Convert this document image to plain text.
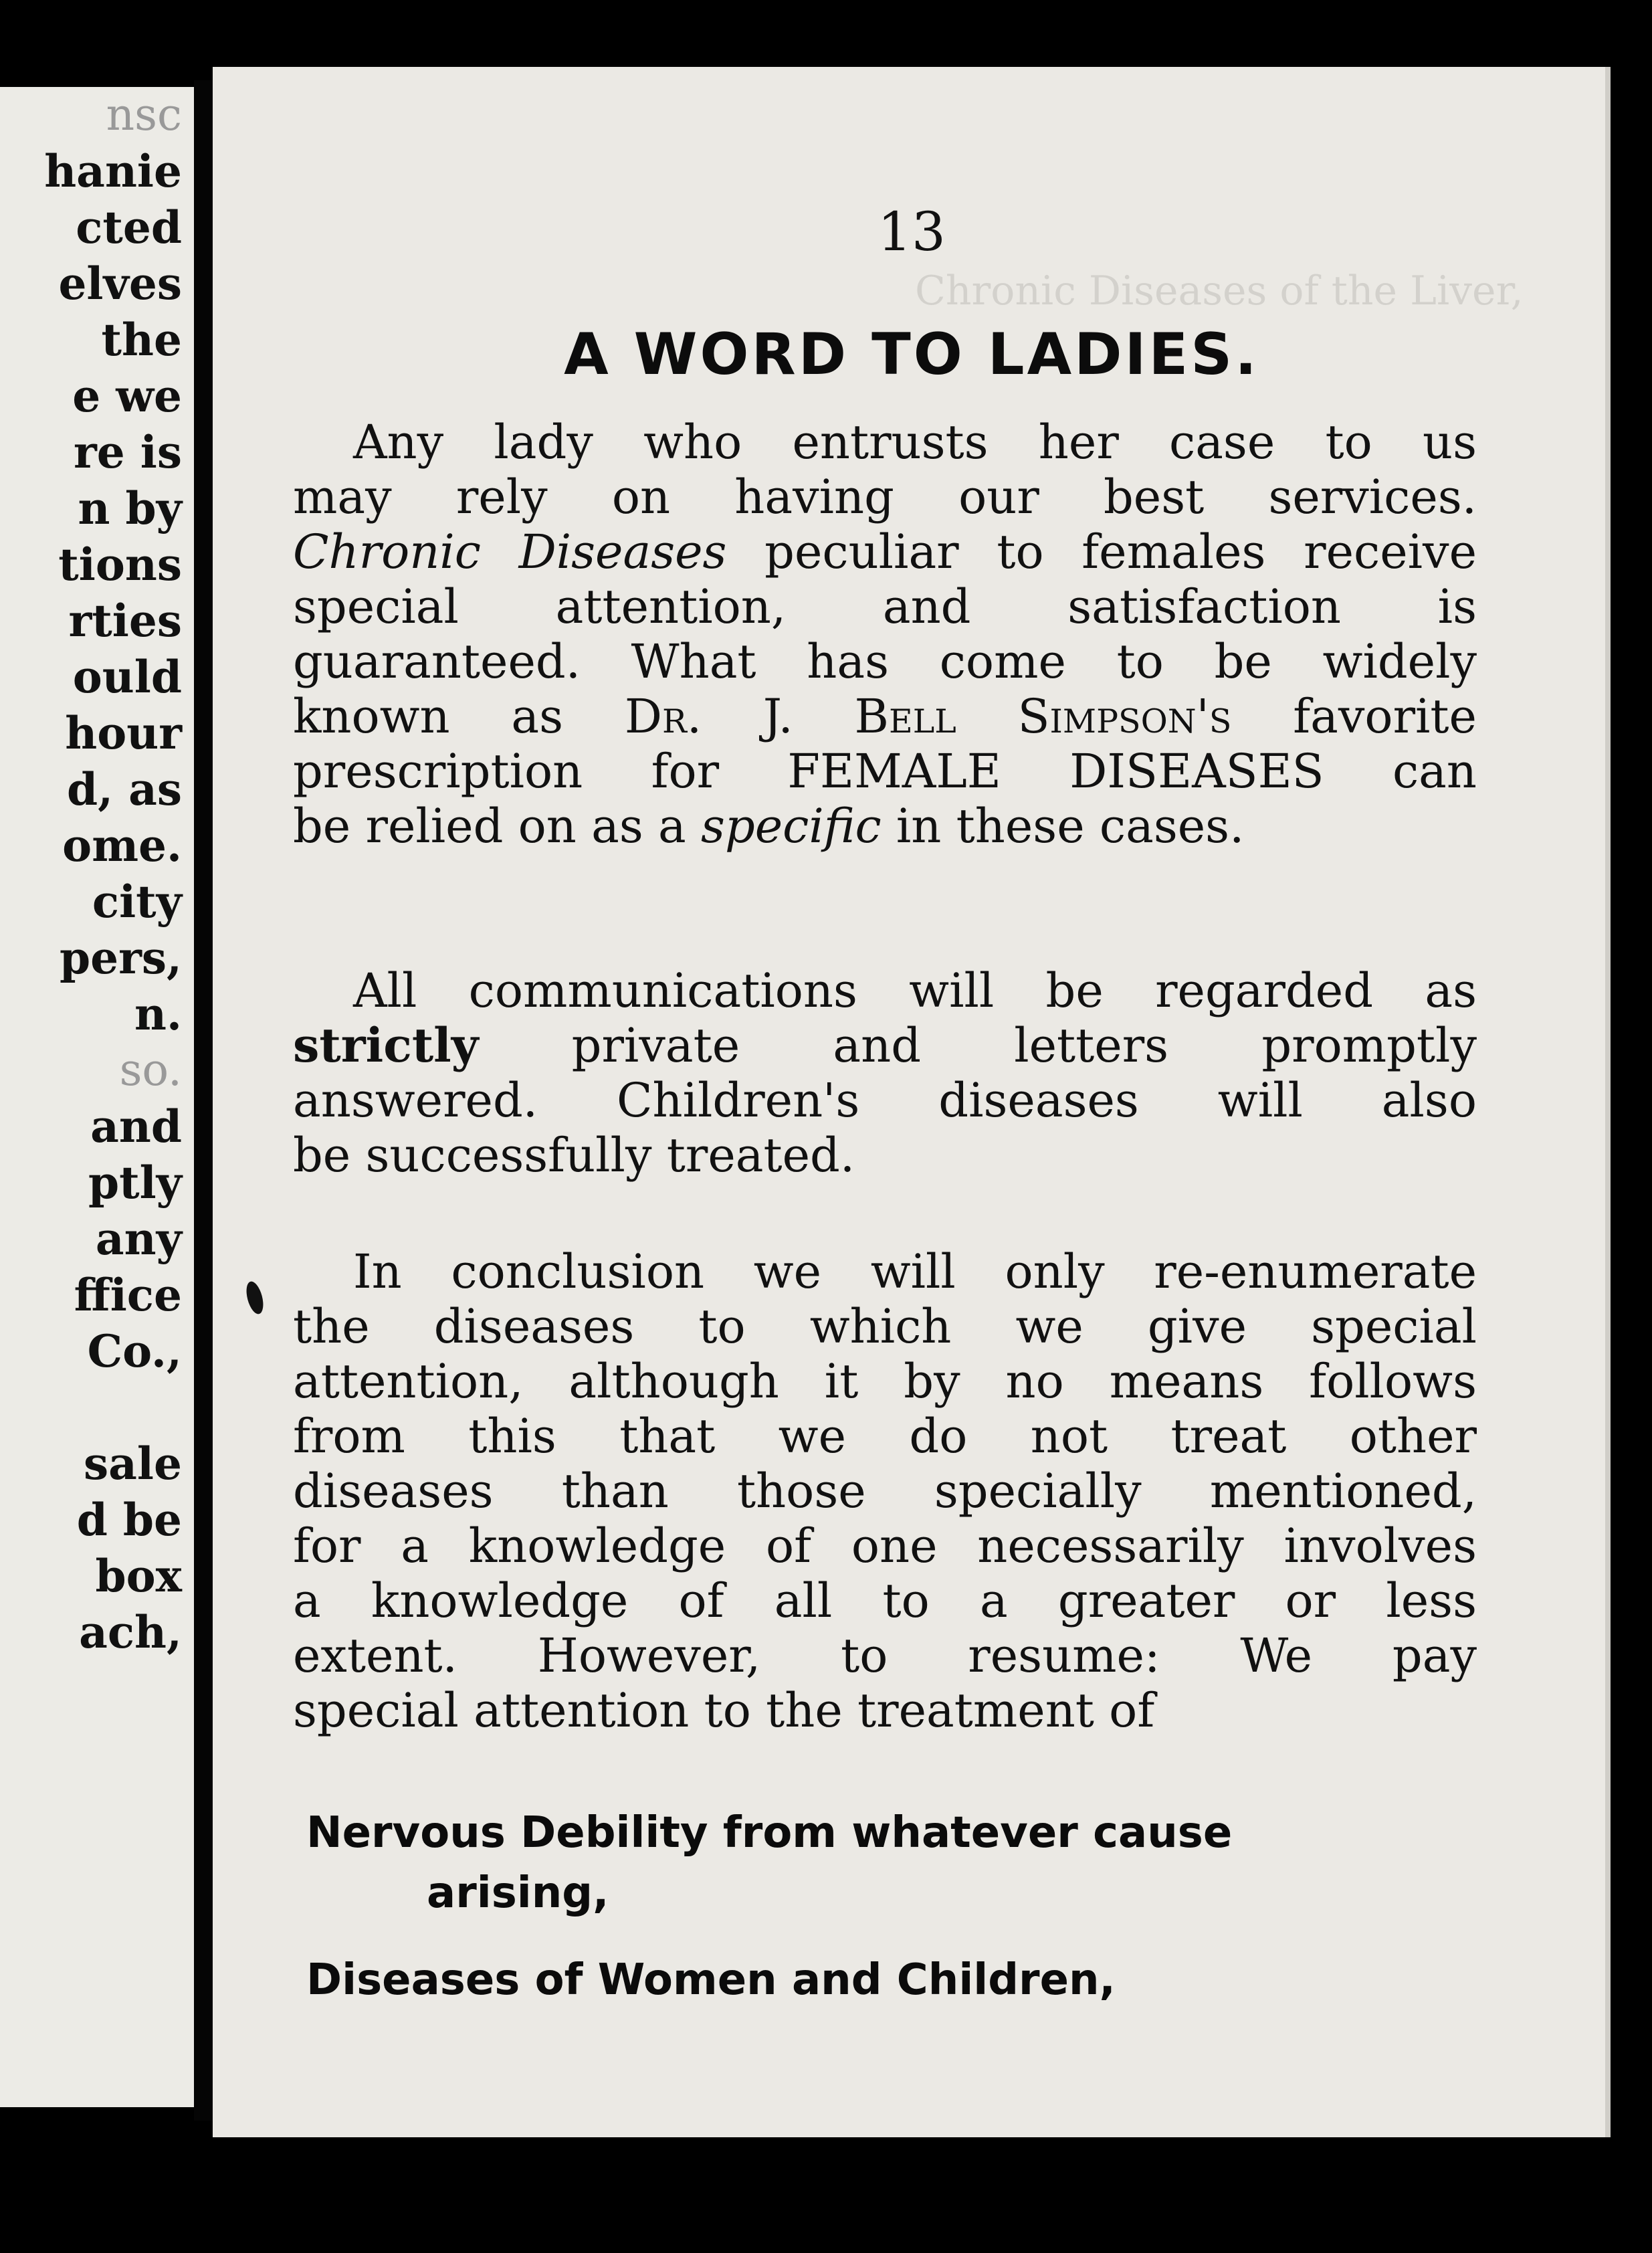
nsc
hanie
cted
elves
the
e we
re is
n by
tions
rties
ould
hour
d, as
ome.
city
pers,
n.
so.
and
ptly
any
ffice
Co.,

sale
d be
box
ach,
Chronic Diseases of the Liver,
13
A WORD TO LADIES.
Any lady who entrusts her case to us
may rely on having our best services.
Chronic Diseases peculiar to females receive
special attention, and satisfaction is
guaranteed. What has come to be widely
known as Dr. J. Bell Simpson's favorite
prescription for FEMALE DISEASES can
be relied on as a specific in these cases.
All communications will be regarded as
strictly private and letters promptly
answered. Children's diseases will also
be successfully treated.
In conclusion we will only re-enumerate
the diseases to which we give special
attention, although it by no means follows
from this that we do not treat other
diseases than those specially mentioned,
for a knowledge of one necessarily involves
a knowledge of all to a greater or less
extent. However, to resume: We pay
special attention to the treatment of
Nervous Debility from whatever cause
arising,
Diseases of Women and Children,
